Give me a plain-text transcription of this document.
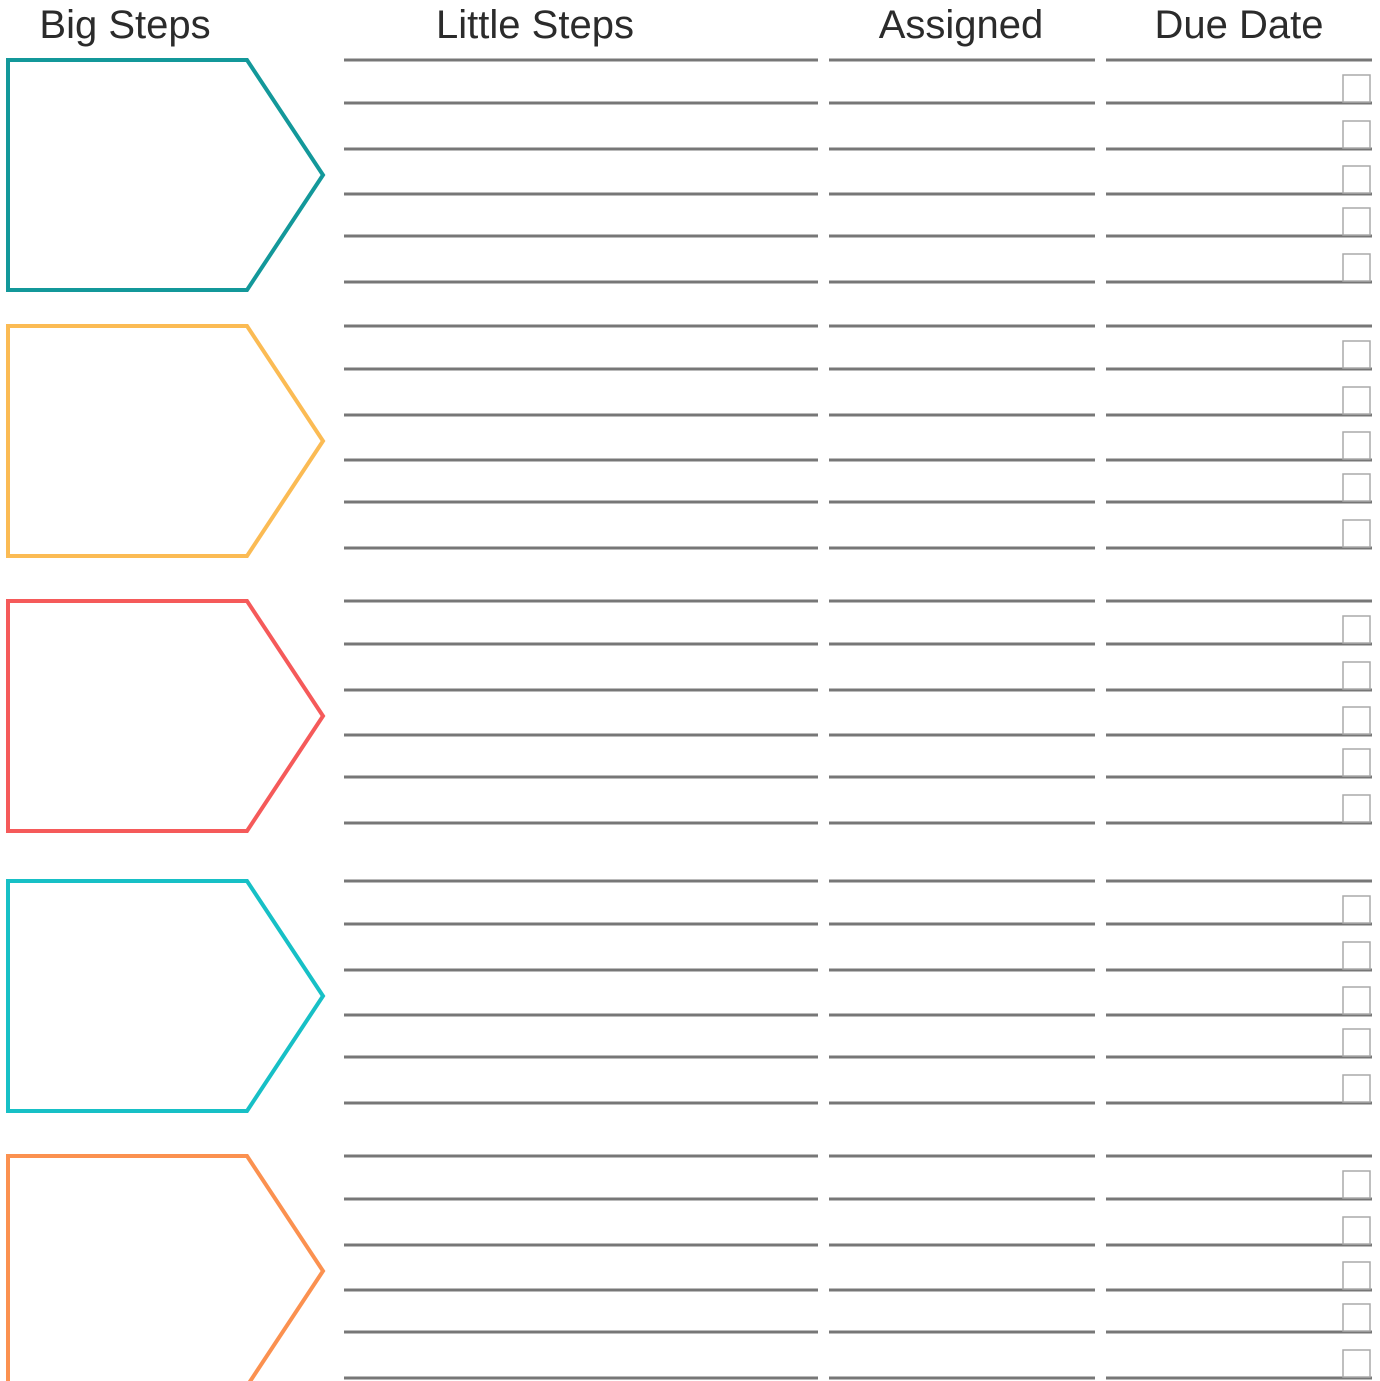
Big Steps	Little Steps	Assigned	Due Date
